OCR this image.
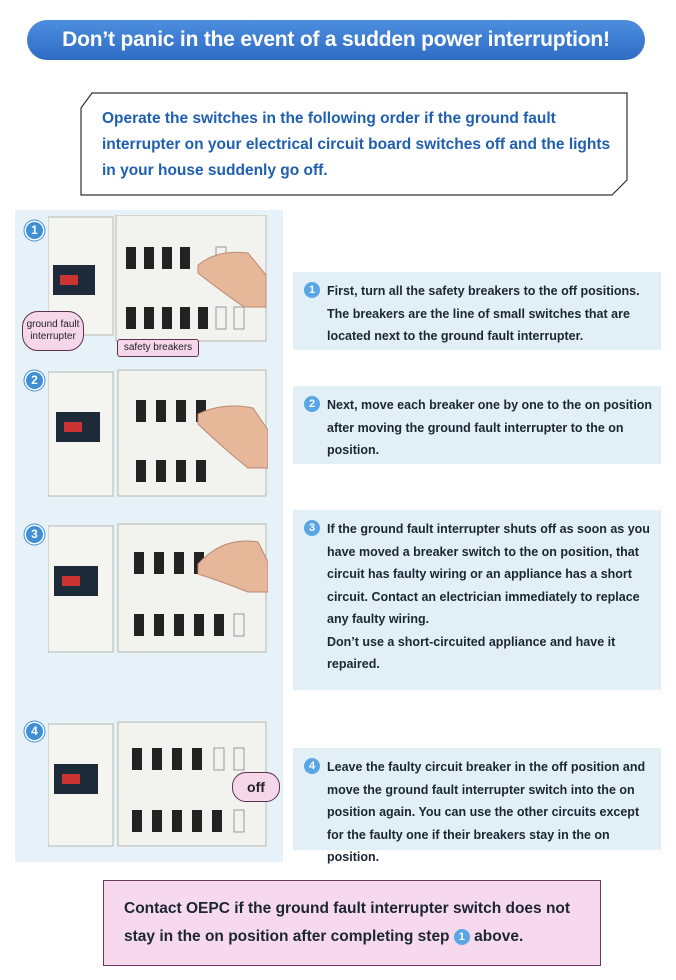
Don’t panic in the event of a sudden power interruption!

Operate the switches in the following order if the ground fault interrupter on your electrical circuit board switches off and the lights in your house suddenly go off.

1
2
3
4
ground fault interrupter
safety breakers
off
1 First, turn all the safety breakers to the off positions. The breakers are the line of small switches that are located next to the ground fault interrupter.

2 Next, move each breaker one by one to the on position after moving the ground fault interrupter to the on position.

3 If the ground fault interrupter shuts off as soon as you have moved a breaker switch to the on position, that circuit has faulty wiring or an appliance has a short circuit. Contact an electrician immediately to replace any faulty wiring.
Don’t use a short-circuited appliance and have it repaired.

4 Leave the faulty circuit breaker in the off position and move the ground fault interrupter switch into the on position again. You can use the other circuits except for the faulty one if their breakers stay in the on position.

Contact OEPC if the ground fault interrupter switch does not stay in the on position after completing step 1 above.
